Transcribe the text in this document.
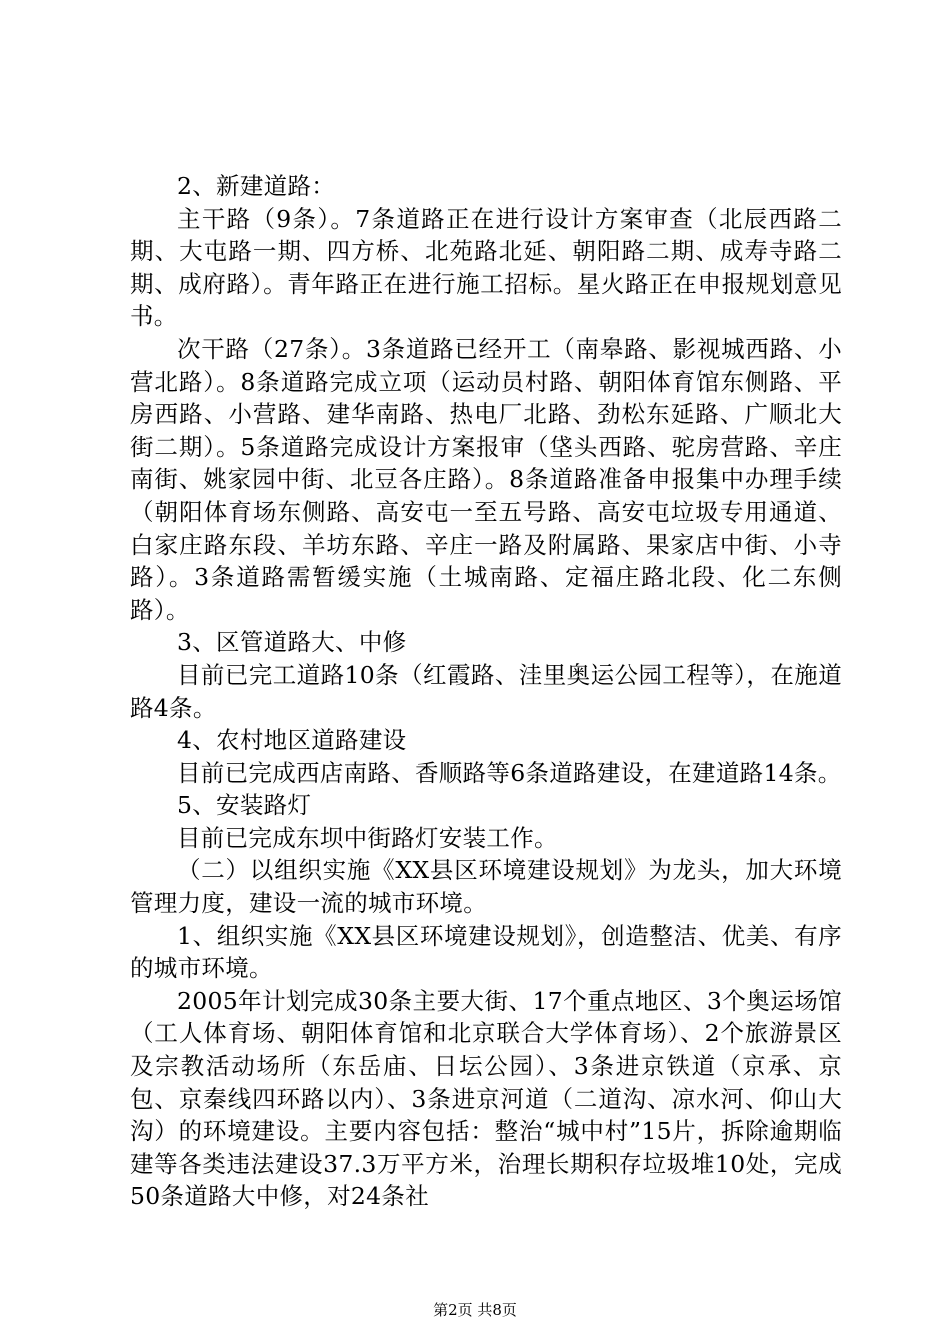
2、新建道路：

主干路（9条）。7条道路正在进行设计方案审查（北辰西路二期、大屯路一期、四方桥、北苑路北延、朝阳路二期、成寿寺路二期、成府路）。青年路正在进行施工招标。星火路正在申报规划意见书。

次干路（27条）。3条道路已经开工（南皋路、影视城西路、小营北路）。8条道路完成立项（运动员村路、朝阳体育馆东侧路、平房西路、小营路、建华南路、热电厂北路、劲松东延路、广顺北大街二期）。5条道路完成设计方案报审（垡头西路、驼房营路、辛庄南街、姚家园中街、北豆各庄路）。8条道路准备申报集中办理手续（朝阳体育场东侧路、高安屯一至五号路、高安屯垃圾专用通道、白家庄路东段、羊坊东路、辛庄一路及附属路、果家店中街、小寺路）。3条道路需暂缓实施（土城南路、定福庄路北段、化二东侧路）。

3、区管道路大、中修

目前已完工道路10条（红霞路、洼里奥运公园工程等），在施道路4条。

4、农村地区道路建设

目前已完成西店南路、香顺路等6条道路建设，在建道路14条。

5、安装路灯

目前已完成东坝中街路灯安装工作。

（二）以组织实施《XX县区环境建设规划》为龙头，加大环境管理力度，建设一流的城市环境。

1、组织实施《XX县区环境建设规划》，创造整洁、优美、有序的城市环境。

2005年计划完成30条主要大街、17个重点地区、3个奥运场馆（工人体育场、朝阳体育馆和北京联合大学体育场）、2个旅游景区及宗教活动场所（东岳庙、日坛公园）、3条进京铁道（京承、京包、京秦线四环路以内）、3条进京河道（二道沟、凉水河、仰山大沟）的环境建设。主要内容包括：整治“城中村”15片，拆除逾期临建等各类违法建设37.3万平方米，治理长期积存垃圾堆10处，完成50条道路大中修，对24条社

第2页 共8页
